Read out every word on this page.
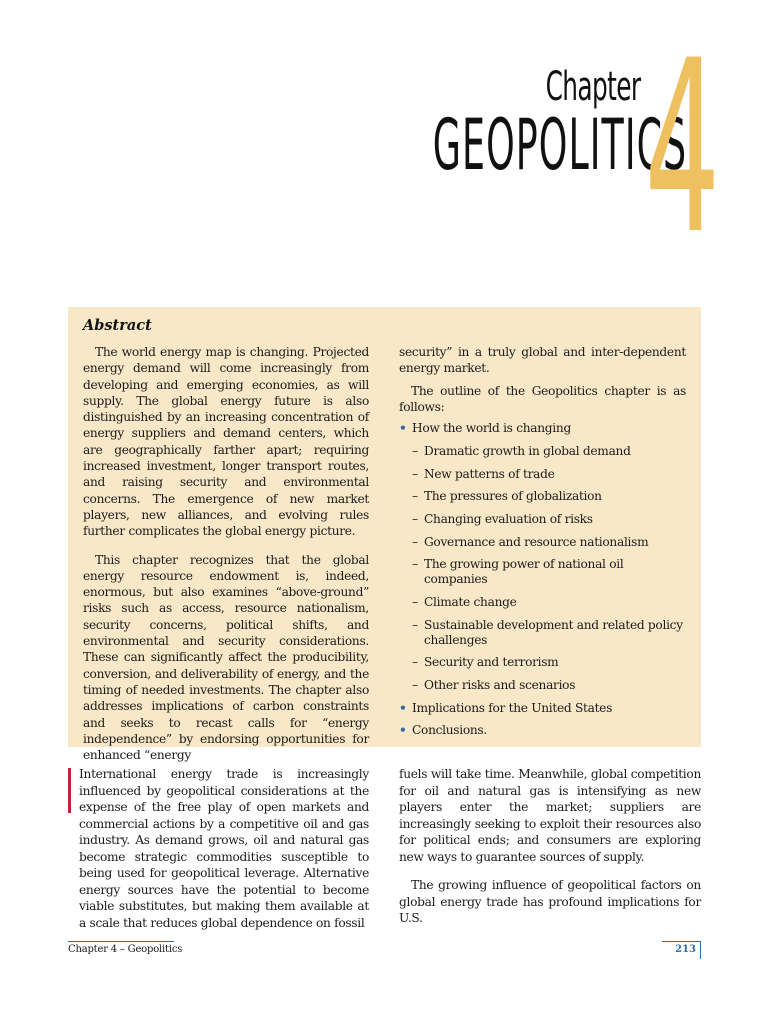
Chapter
GEOPOLITICS
4
Abstract

The world energy map is changing. Projected energy demand will come increasingly from developing and emerging economies, as will supply. The global energy future is also distinguished by an increasing concentration of energy suppliers and demand centers, which are geographically farther apart; requiring increased investment, longer transport routes, and raising security and environmental concerns. The emergence of new market players, new alliances, and evolving rules further complicates the global energy picture.

This chapter recognizes that the global energy resource endowment is, indeed, enormous, but also examines “above-ground” risks such as access, resource nationalism, security concerns, political shifts, and environmental and security considerations. These can significantly affect the producibility, conversion, and deliverability of energy, and the timing of needed investments. The chapter also addresses implications of carbon constraints and seeks to recast calls for “energy independence” by endorsing opportunities for enhanced “energy

security” in a truly global and inter-dependent energy market.

The outline of the Geopolitics chapter is as follows:

• How the world is changing
– Dramatic growth in global demand
– New patterns of trade
– The pressures of globalization
– Changing evaluation of risks
– Governance and resource nationalism
– The growing power of national oil companies
– Climate change
– Sustainable development and related policy challenges
– Security and terrorism
– Other risks and scenarios
• Implications for the United States
• Conclusions.

International energy trade is increasingly influenced by geopolitical considerations at the expense of the free play of open markets and commercial actions by a competitive oil and gas industry. As demand grows, oil and natural gas become strategic commodities susceptible to being used for geopolitical leverage. Alternative energy sources have the potential to become viable substitutes, but making them available at a scale that reduces global dependence on fossil

fuels will take time. Meanwhile, global competition for oil and natural gas is intensifying as new players enter the market; suppliers are increasingly seeking to exploit their resources also for political ends; and consumers are exploring new ways to guarantee sources of supply.

The growing influence of geopolitical factors on global energy trade has profound implications for U.S.

Chapter 4 – Geopolitics	213
